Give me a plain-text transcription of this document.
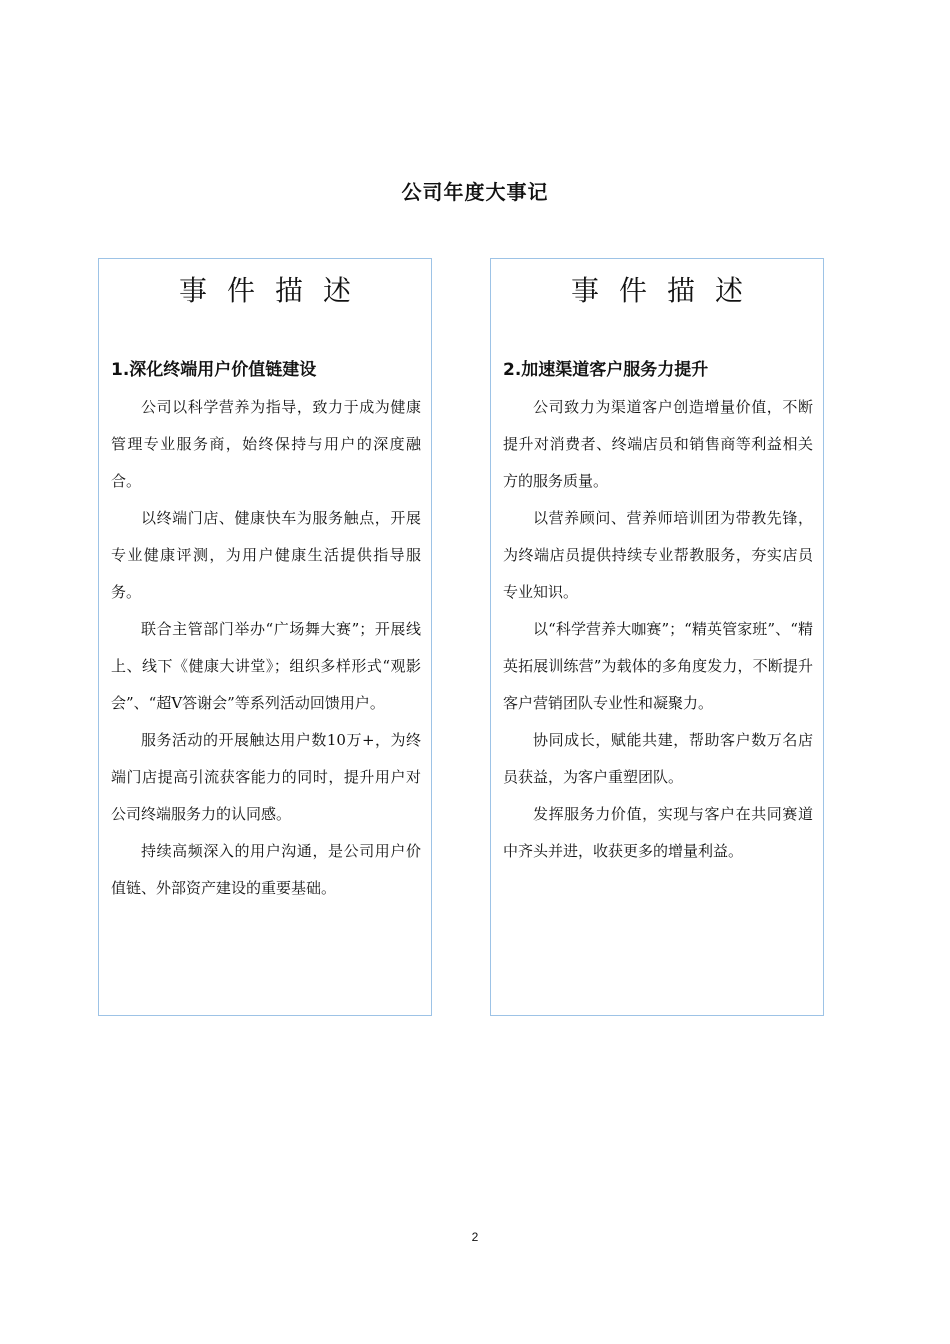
公司年度大事记
事件描述
1.深化终端用户价值链建设

公司以科学营养为指导，致力于成为健康管理专业服务商，始终保持与用户的深度融合。

以终端门店、健康快车为服务触点，开展专业健康评测，为用户健康生活提供指导服务。

联合主管部门举办“广场舞大赛”；开展线上、线下《健康大讲堂》；组织多样形式“观影会”、“超Ⅴ答谢会”等系列活动回馈用户。

服务活动的开展触达用户数10万+，为终端门店提高引流获客能力的同时，提升用户对公司终端服务力的认同感。

持续高频深入的用户沟通，是公司用户价值链、外部资产建设的重要基础。

事件描述
2.加速渠道客户服务力提升

公司致力为渠道客户创造增量价值，不断提升对消费者、终端店员和销售商等利益相关方的服务质量。

以营养顾问、营养师培训团为带教先锋，为终端店员提供持续专业帮教服务，夯实店员专业知识。

以“科学营养大咖赛”；“精英管家班”、“精英拓展训练营”为载体的多角度发力，不断提升客户营销团队专业性和凝聚力。

协同成长，赋能共建，帮助客户数万名店员获益，为客户重塑团队。

发挥服务力价值，实现与客户在共同赛道中齐头并进，收获更多的增量利益。

2
